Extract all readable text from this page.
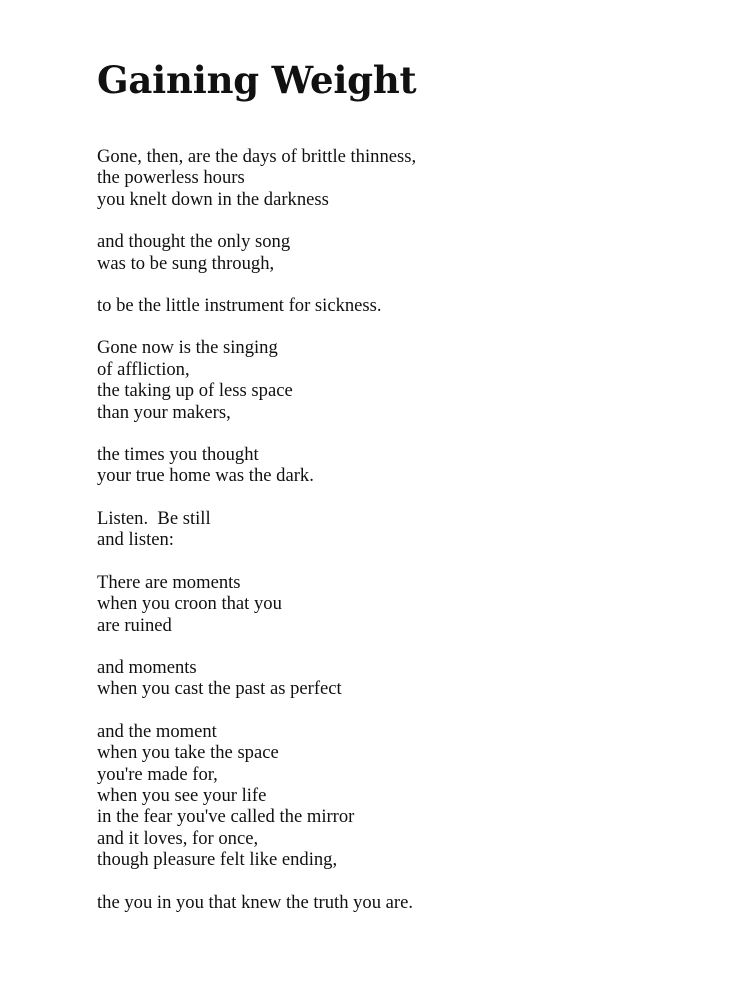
Gaining Weight
Gone, then, are the days of brittle thinness,
the powerless hours
you knelt down in the darkness
and thought the only song
was to be sung through,
to be the little instrument for sickness.
Gone now is the singing
of affliction,
the taking up of less space
than your makers,
the times you thought
your true home was the dark.
Listen.  Be still
and listen:
There are moments
when you croon that you
are ruined
and moments
when you cast the past as perfect
and the moment
when you take the space
you're made for,
when you see your life
in the fear you've called the mirror
and it loves, for once,
though pleasure felt like ending,
the you in you that knew the truth you are.
